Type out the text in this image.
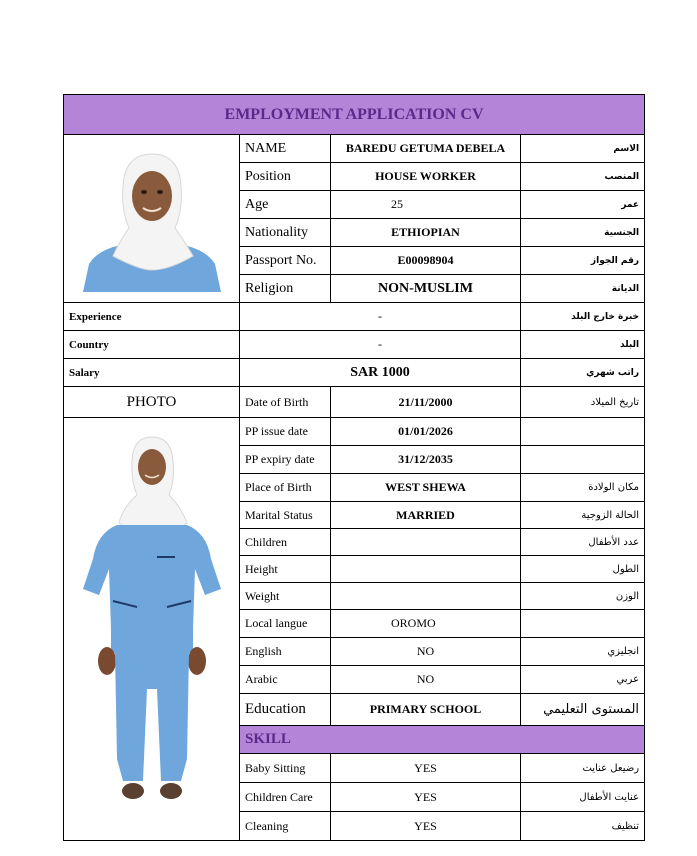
EMPLOYMENT APPLICATION CV			

	NAME	BAREDU GETUMA DEBELA	الاسم
	Position	HOUSE WORKER	المنصب
	Age	25	عمر
	Nationality	ETHIOPIAN	الجنسية
	Passport No.	E00098904	رقم الجواز
	Religion	NON-MUSLIM	الديانة
Experience	-		خبرة خارج البلد
Country	-		البلد
Salary	SAR 1000		راتب شهري
PHOTO	Date of Birth	21/11/2000	تاريخ الميلاد

	PP issue date	01/01/2026	
	PP expiry date	31/12/2035	
	Place of Birth	WEST SHEWA	مكان الولادة
	Marital Status	MARRIED	الحالة الزوجية
	Children		عدد الأطفال
	Height		الطول
	Weight		الوزن
	Local langue	OROMO	
	English	NO	انجليزي
	Arabic	NO	عربي
	Education	PRIMARY SCHOOL	المستوى التعليمي
	SKILL		
	Baby Sitting	YES	رضيعل عنايت
	Children Care	YES	عنايت الأطفال
	Cleaning	YES	تنظيف
